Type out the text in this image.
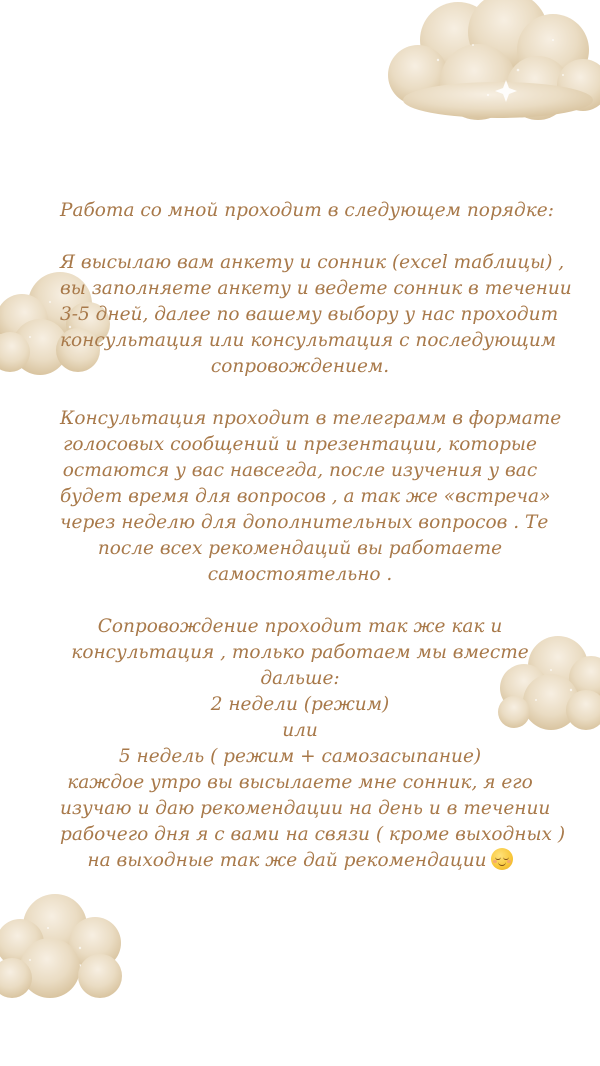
Работа со мной проходит в следующем порядке:

Я высылаю вам анкету и сонник (excel таблицы) ,
вы заполняете анкету и ведете сонник в течении
3-5 дней, далее по вашему выбору у нас проходит
консультация или консультация с последующим
сопровождением.

Консультация проходит в телеграмм в формате
голосовых сообщений и презентации, которые
остаются у вас навсегда, после изучения у вас
будет время для вопросов , а так же «встреча»
через неделю для дополнительных вопросов . Те
после всех рекомендаций вы работаете
самостоятельно .

Сопровождение проходит так же как и
консультация , только работаем мы вместе
дальше:
2 недели (режим)
или
5 недель ( режим + самозасыпание)
каждое утро вы высылаете мне сонник, я его
изучаю и даю рекомендации на день и в течении
рабочего дня я с вами на связи ( кроме выходных )
на выходные так же дай рекомендации
